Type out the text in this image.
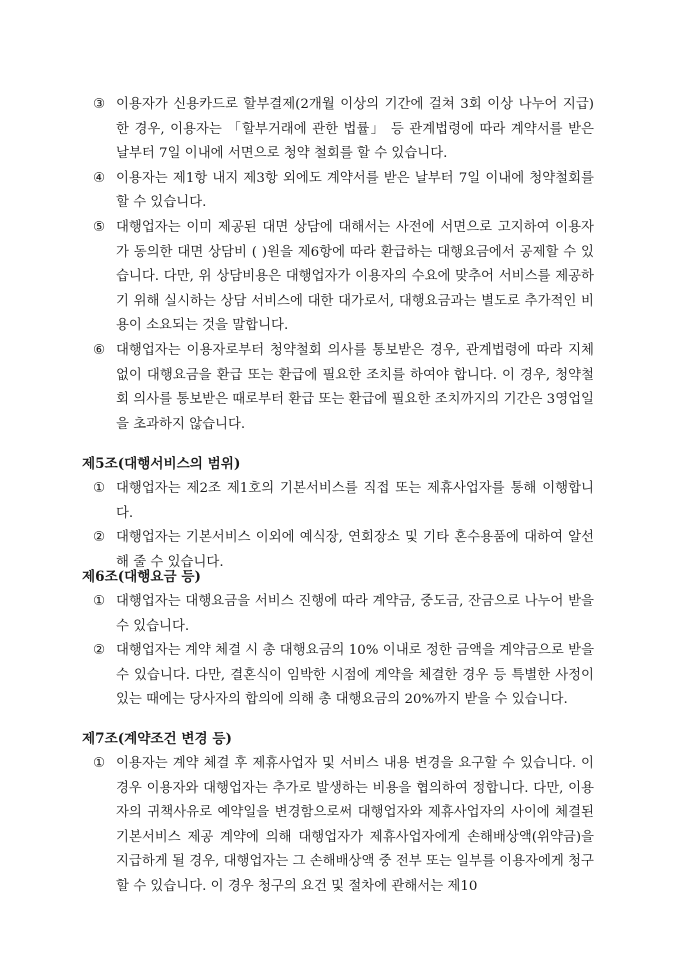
③ 이용자가 신용카드로 할부결제(2개월 이상의 기간에 걸쳐 3회 이상 나누어 지급)한 경우, 이용자는 「할부거래에 관한 법률」 등 관계법령에 따라 계약서를 받은 날부터 7일 이내에 서면으로 청약 철회를 할 수 있습니다.
④ 이용자는 제1항 내지 제3항 외에도 계약서를 받은 날부터 7일 이내에 청약철회를 할 수 있습니다.
⑤ 대행업자는 이미 제공된 대면 상담에 대해서는 사전에 서면으로 고지하여 이용자가 동의한 대면 상담비 ( )원을 제6항에 따라 환급하는 대행요금에서 공제할 수 있습니다. 다만, 위 상담비용은 대행업자가 이용자의 수요에 맞추어 서비스를 제공하기 위해 실시하는 상담 서비스에 대한 대가로서, 대행요금과는 별도로 추가적인 비용이 소요되는 것을 말합니다.
⑥ 대행업자는 이용자로부터 청약철회 의사를 통보받은 경우, 관계법령에 따라 지체없이 대행요금을 환급 또는 환급에 필요한 조치를 하여야 합니다. 이 경우, 청약철회 의사를 통보받은 때로부터 환급 또는 환급에 필요한 조치까지의 기간은 3영업일을 초과하지 않습니다.
제5조(대행서비스의 범위)
① 대행업자는 제2조 제1호의 기본서비스를 직접 또는 제휴사업자를 통해 이행합니다.
② 대행업자는 기본서비스 이외에 예식장, 연회장소 및 기타 혼수용품에 대하여 알선해 줄 수 있습니다.
제6조(대행요금 등)
① 대행업자는 대행요금을 서비스 진행에 따라 계약금, 중도금, 잔금으로 나누어 받을 수 있습니다.
② 대행업자는 계약 체결 시 총 대행요금의 10% 이내로 정한 금액을 계약금으로 받을 수 있습니다. 다만, 결혼식이 임박한 시점에 계약을 체결한 경우 등 특별한 사정이 있는 때에는 당사자의 합의에 의해 총 대행요금의 20%까지 받을 수 있습니다.
제7조(계약조건 변경 등)
① 이용자는 계약 체결 후 제휴사업자 및 서비스 내용 변경을 요구할 수 있습니다. 이 경우 이용자와 대행업자는 추가로 발생하는 비용을 협의하여 정합니다. 다만, 이용자의 귀책사유로 예약일을 변경함으로써 대행업자와 제휴사업자의 사이에 체결된 기본서비스 제공 계약에 의해 대행업자가 제휴사업자에게 손해배상액(위약금)을 지급하게 될 경우, 대행업자는 그 손해배상액 중 전부 또는 일부를 이용자에게 청구할 수 있습니다. 이 경우 청구의 요건 및 절차에 관해서는 제10
